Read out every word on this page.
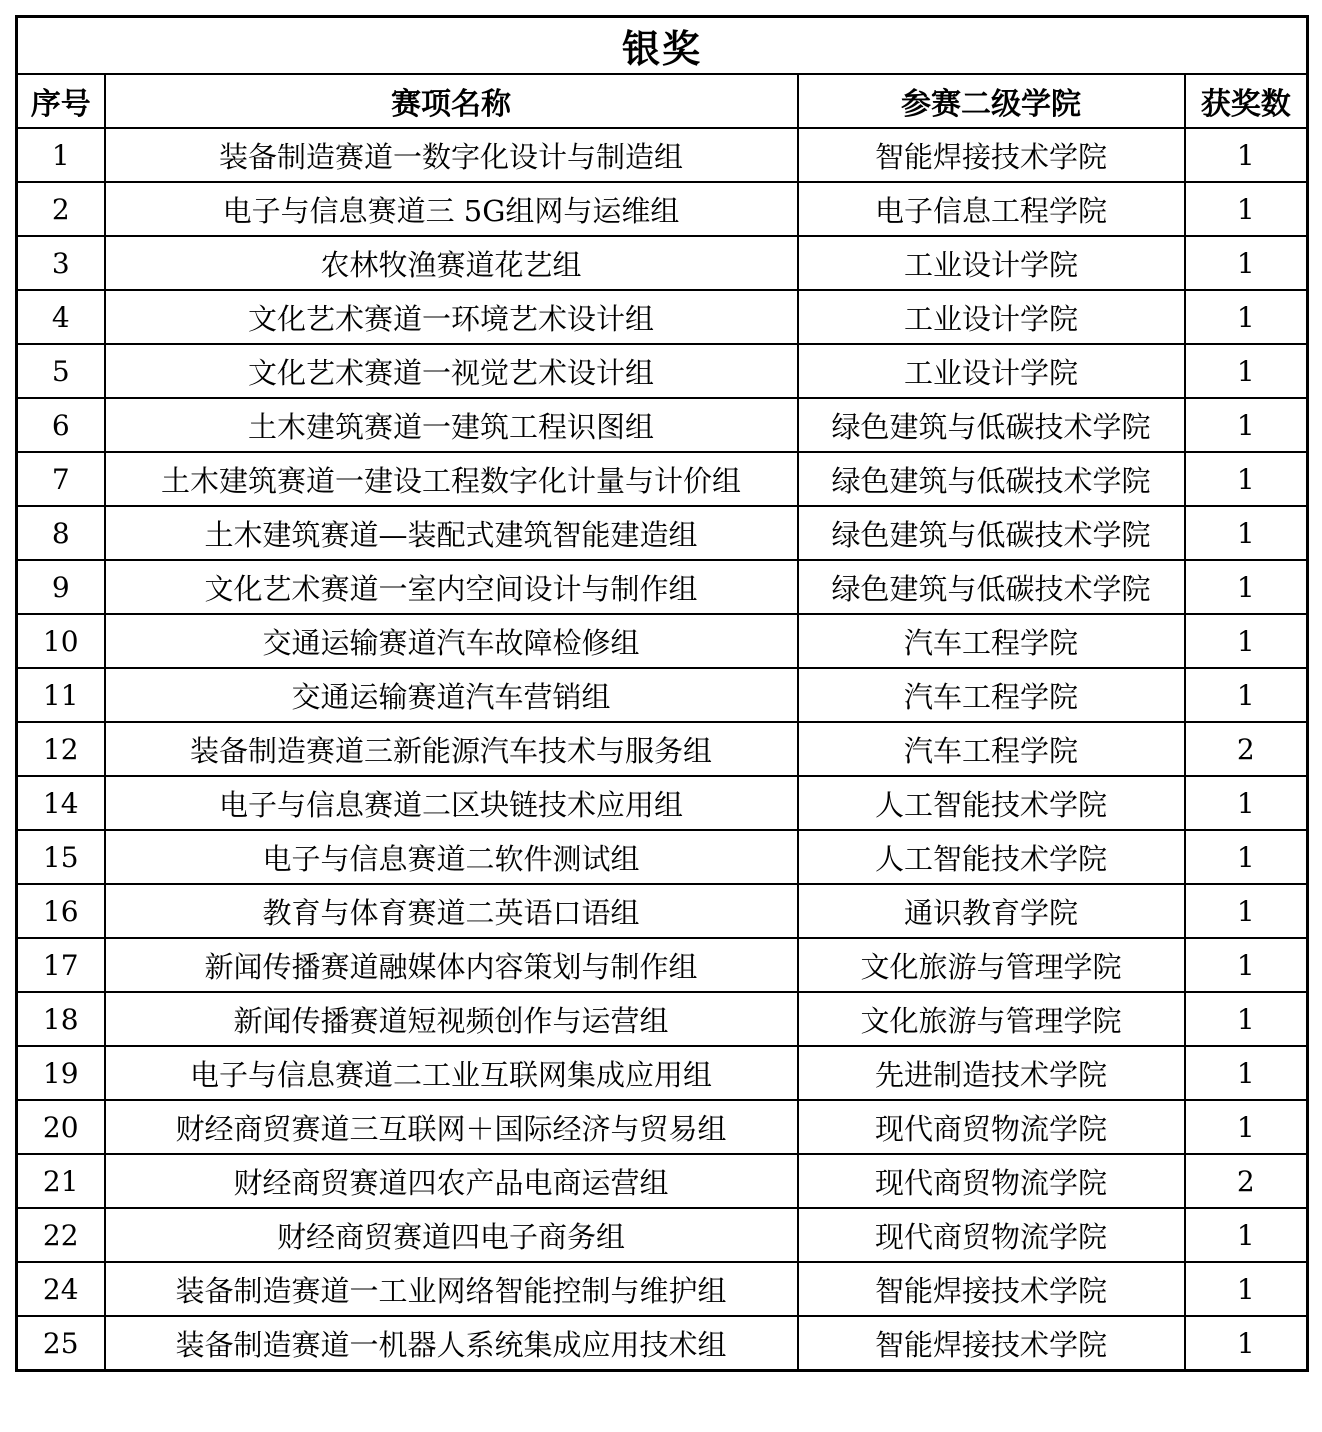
银奖			
序号	赛项名称	参赛二级学院	获奖数
1	装备制造赛道一数字化设计与制造组	智能焊接技术学院	1
2	电子与信息赛道三 5G组网与运维组	电子信息工程学院	1
3	农林牧渔赛道花艺组	工业设计学院	1
4	文化艺术赛道一环境艺术设计组	工业设计学院	1
5	文化艺术赛道一视觉艺术设计组	工业设计学院	1
6	土木建筑赛道一建筑工程识图组	绿色建筑与低碳技术学院	1
7	土木建筑赛道一建设工程数字化计量与计价组	绿色建筑与低碳技术学院	1
8	土木建筑赛道—装配式建筑智能建造组	绿色建筑与低碳技术学院	1
9	文化艺术赛道一室内空间设计与制作组	绿色建筑与低碳技术学院	1
10	交通运输赛道汽车故障检修组	汽车工程学院	1
11	交通运输赛道汽车营销组	汽车工程学院	1
12	装备制造赛道三新能源汽车技术与服务组	汽车工程学院	2
14	电子与信息赛道二区块链技术应用组	人工智能技术学院	1
15	电子与信息赛道二软件测试组	人工智能技术学院	1
16	教育与体育赛道二英语口语组	通识教育学院	1
17	新闻传播赛道融媒体内容策划与制作组	文化旅游与管理学院	1
18	新闻传播赛道短视频创作与运营组	文化旅游与管理学院	1
19	电子与信息赛道二工业互联网集成应用组	先进制造技术学院	1
20	财经商贸赛道三互联网＋国际经济与贸易组	现代商贸物流学院	1
21	财经商贸赛道四农产品电商运营组	现代商贸物流学院	2
22	财经商贸赛道四电子商务组	现代商贸物流学院	1
24	装备制造赛道一工业网络智能控制与维护组	智能焊接技术学院	1
25	装备制造赛道一机器人系统集成应用技术组	智能焊接技术学院	1
